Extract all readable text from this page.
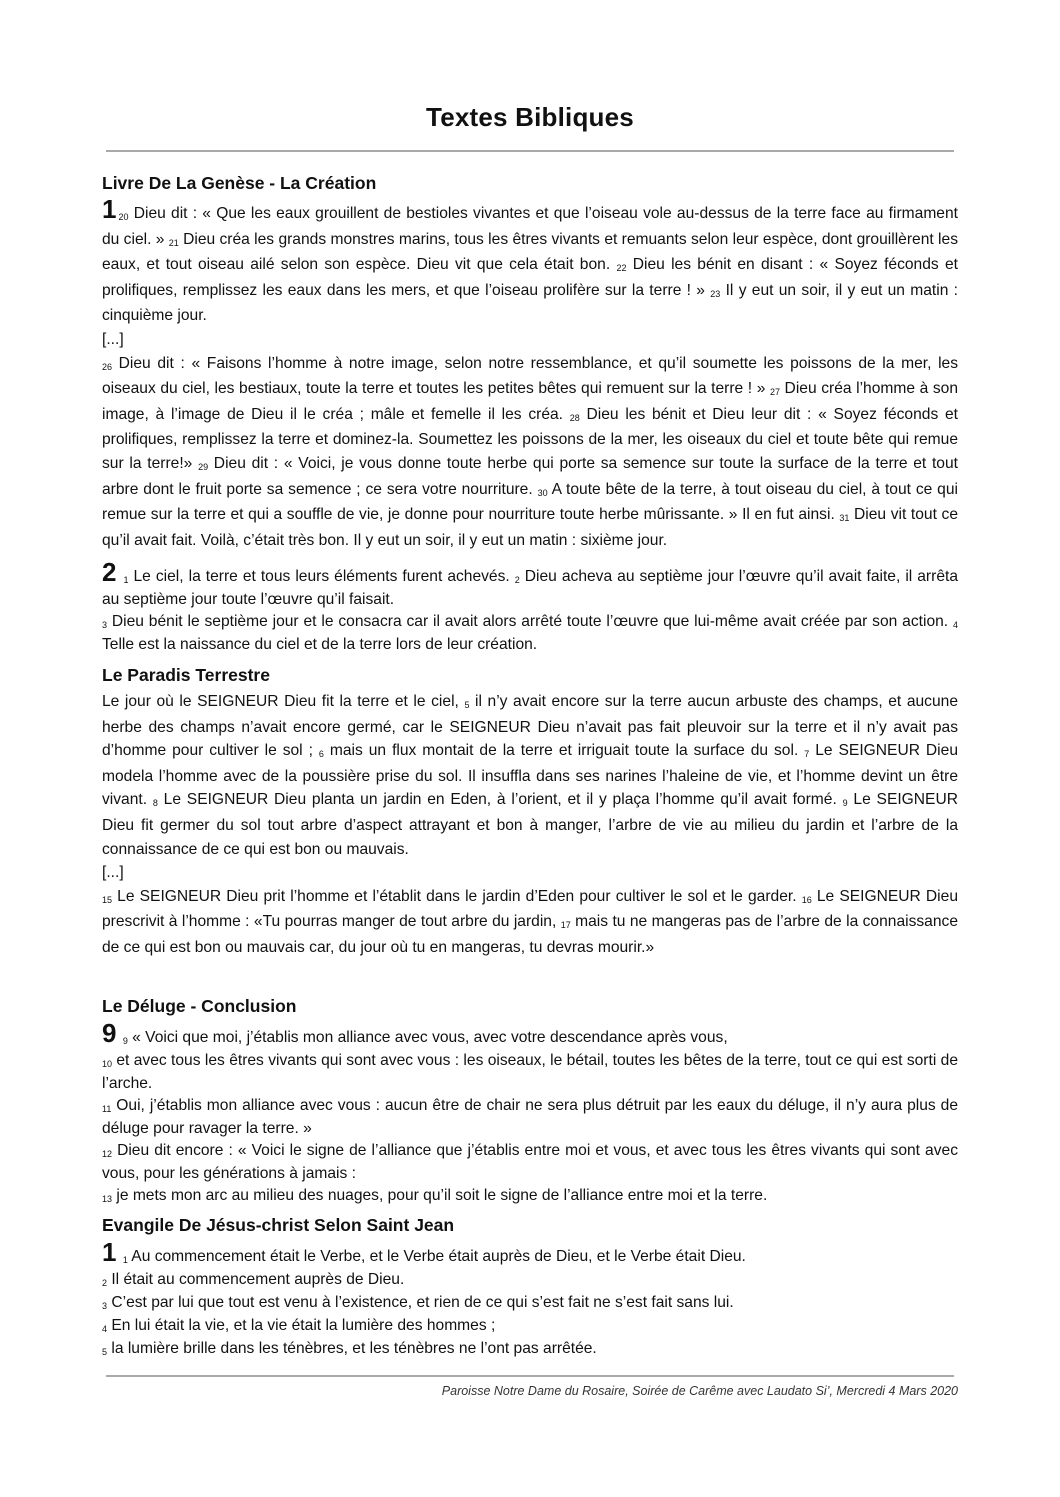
Textes Bibliques

Livre De La Genèse - La Création

1 $_{20}$ Dieu dit : « Que les eaux grouillent de bestioles vivantes et que l’oiseau vole au-dessus de la terre face au firmament du ciel. » $_{21}$ Dieu créa les grands monstres marins, tous les êtres vivants et remuants selon leur espèce, dont grouillèrent les eaux, et tout oiseau ailé selon son espèce. Dieu vit que cela était bon. $_{22}$ Dieu les bénit en disant : « Soyez féconds et prolifiques, remplissez les eaux dans les mers, et que l’oiseau prolifère sur la terre ! » $_{23}$ Il y eut un soir, il y eut un matin : cinquième jour.

[...]

$_{26}$ Dieu dit : « Faisons l’homme à notre image, selon notre ressemblance, et qu’il soumette les poissons de la mer, les oiseaux du ciel, les bestiaux, toute la terre et toutes les petites bêtes qui remuent sur la terre ! » $_{27}$ Dieu créa l’homme à son image, à l’image de Dieu il le créa ; mâle et femelle il les créa. $_{28}$ Dieu les bénit et Dieu leur dit : « Soyez féconds et prolifiques, remplissez la terre et dominez-la. Soumettez les poissons de la mer, les oiseaux du ciel et toute bête qui remue sur la terre!» $_{29}$ Dieu dit : « Voici, je vous donne toute herbe qui porte sa semence sur toute la surface de la terre et tout arbre dont le fruit porte sa semence ; ce sera votre nourriture. $_{30}$ A toute bête de la terre, à tout oiseau du ciel, à tout ce qui remue sur la terre et qui a souffle de vie, je donne pour nourriture toute herbe mûrissante. » Il en fut ainsi. $_{31}$ Dieu vit tout ce qu’il avait fait. Voilà, c’était très bon. Il y eut un soir, il y eut un matin : sixième jour.

2 $_1$ Le ciel, la terre et tous leurs éléments furent achevés. $_2$ Dieu acheva au septième jour l’œuvre qu’il avait faite, il arrêta au septième jour toute l’œuvre qu’il faisait.

$_3$ Dieu bénit le septième jour et le consacra car il avait alors arrêté toute l’œuvre que lui-même avait créée par son action. $_4$ Telle est la naissance du ciel et de la terre lors de leur création.

Le Paradis Terrestre

Le jour où le SEIGNEUR Dieu fit la terre et le ciel, $_5$ il n’y avait encore sur la terre aucun arbuste des champs, et aucune herbe des champs n’avait encore germé, car le SEIGNEUR Dieu n’avait pas fait pleuvoir sur la terre et il n’y avait pas d’homme pour cultiver le sol ; $_6$ mais un flux montait de la terre et irriguait toute la surface du sol. $_7$ Le SEIGNEUR Dieu modela l’homme avec de la poussière prise du sol. Il insuffla dans ses narines l’haleine de vie, et l’homme devint un être vivant. $_8$ Le SEIGNEUR Dieu planta un jardin en Eden, à l’orient, et il y plaça l’homme qu’il avait formé. $_9$ Le SEIGNEUR Dieu fit germer du sol tout arbre d’aspect attrayant et bon à manger, l’arbre de vie au milieu du jardin et l’arbre de la connaissance de ce qui est bon ou mauvais.

[...]

$_{15}$ Le SEIGNEUR Dieu prit l’homme et l’établit dans le jardin d’Eden pour cultiver le sol et le garder. $_{16}$ Le SEIGNEUR Dieu prescrivit à l’homme : «Tu pourras manger de tout arbre du jardin, $_{17}$ mais tu ne mangeras pas de l’arbre de la connaissance de ce qui est bon ou mauvais car, du jour où tu en mangeras, tu devras mourir.»

Le Déluge - Conclusion

9 $_9$ « Voici que moi, j’établis mon alliance avec vous, avec votre descendance après vous,

$_{10}$ et avec tous les êtres vivants qui sont avec vous : les oiseaux, le bétail, toutes les bêtes de la terre, tout ce qui est sorti de l’arche.

$_{11}$ Oui, j’établis mon alliance avec vous : aucun être de chair ne sera plus détruit par les eaux du déluge, il n’y aura plus de déluge pour ravager la terre. »

$_{12}$ Dieu dit encore : « Voici le signe de l’alliance que j’établis entre moi et vous, et avec tous les êtres vivants qui sont avec vous, pour les générations à jamais :

$_{13}$ je mets mon arc au milieu des nuages, pour qu’il soit le signe de l’alliance entre moi et la terre.

Evangile De Jésus-christ Selon Saint Jean

1 $_1$ Au commencement était le Verbe, et le Verbe était auprès de Dieu, et le Verbe était Dieu.

$_2$ Il était au commencement auprès de Dieu.

$_3$ C’est par lui que tout est venu à l’existence, et rien de ce qui s’est fait ne s’est fait sans lui.

$_4$ En lui était la vie, et la vie était la lumière des hommes ;

$_5$ la lumière brille dans les ténèbres, et les ténèbres ne l’ont pas arrêtée.

Paroisse Notre Dame du Rosaire, Soirée de Carême avec Laudato Si’, Mercredi 4 Mars 2020
